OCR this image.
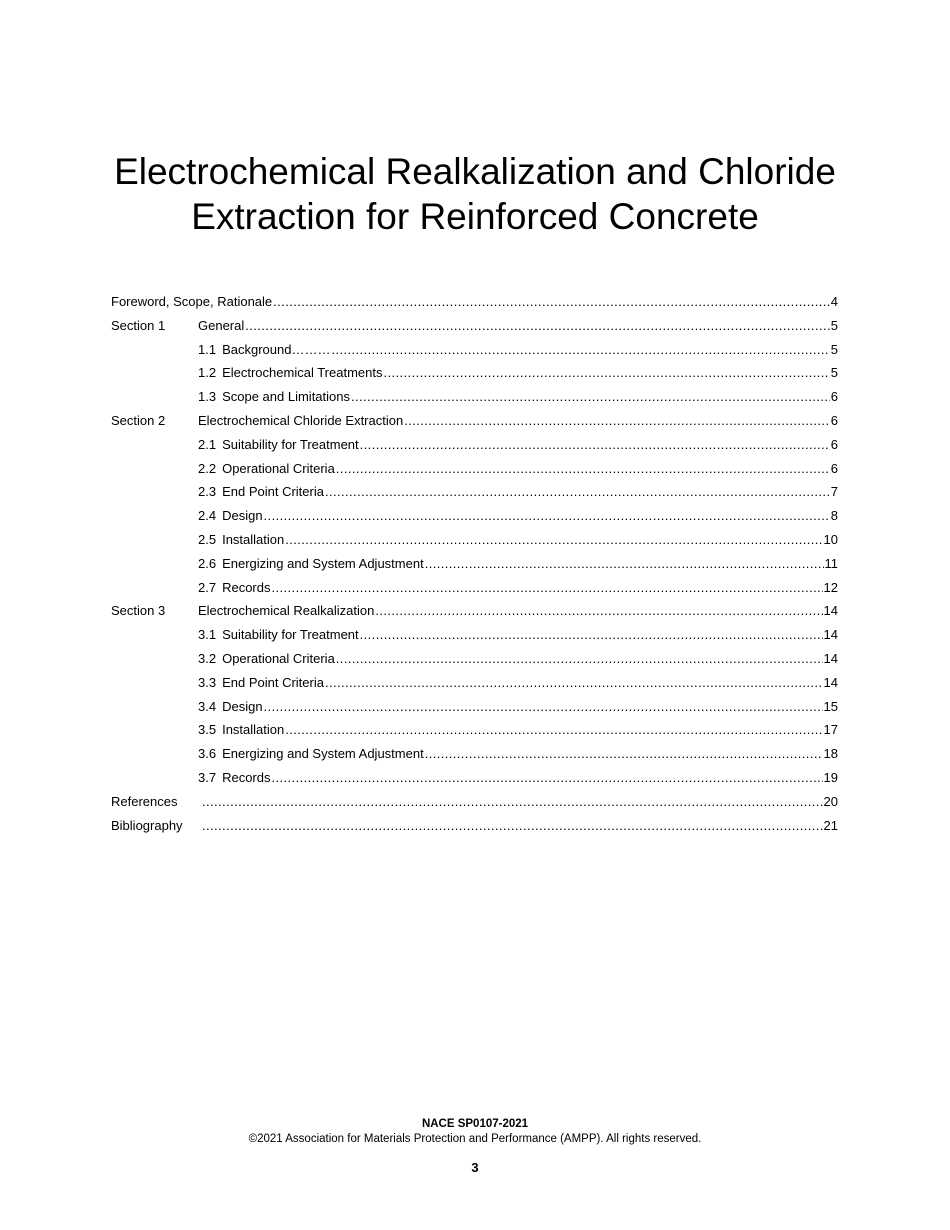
Electrochemical Realkalization and Chloride
Extraction for Reinforced Concrete
Foreword, Scope, Rationale .....	4
Section 1	General .....	5
1.1 Background……… .....	5
1.2 Electrochemical Treatments .....	5
1.3 Scope and Limitations .....	6
Section 2	Electrochemical Chloride Extraction .....	6
2.1 Suitability for Treatment .....	6
2.2 Operational Criteria .....	6
2.3 End Point Criteria .....	7
2.4 Design .....	8
2.5 Installation .....	10
2.6 Energizing and System Adjustment .....	11
2.7 Records .....	12
Section 3	Electrochemical Realkalization .....	14
3.1 Suitability for Treatment .....	14
3.2 Operational Criteria .....	14
3.3 End Point Criteria .....	14
3.4 Design .....	15
3.5 Installation .....	17
3.6 Energizing and System Adjustment .....	18
3.7 Records .....	19
References .....	20
Bibliography .....	21
NACE SP0107-2021
©2021 Association for Materials Protection and Performance (AMPP). All rights reserved.
3
